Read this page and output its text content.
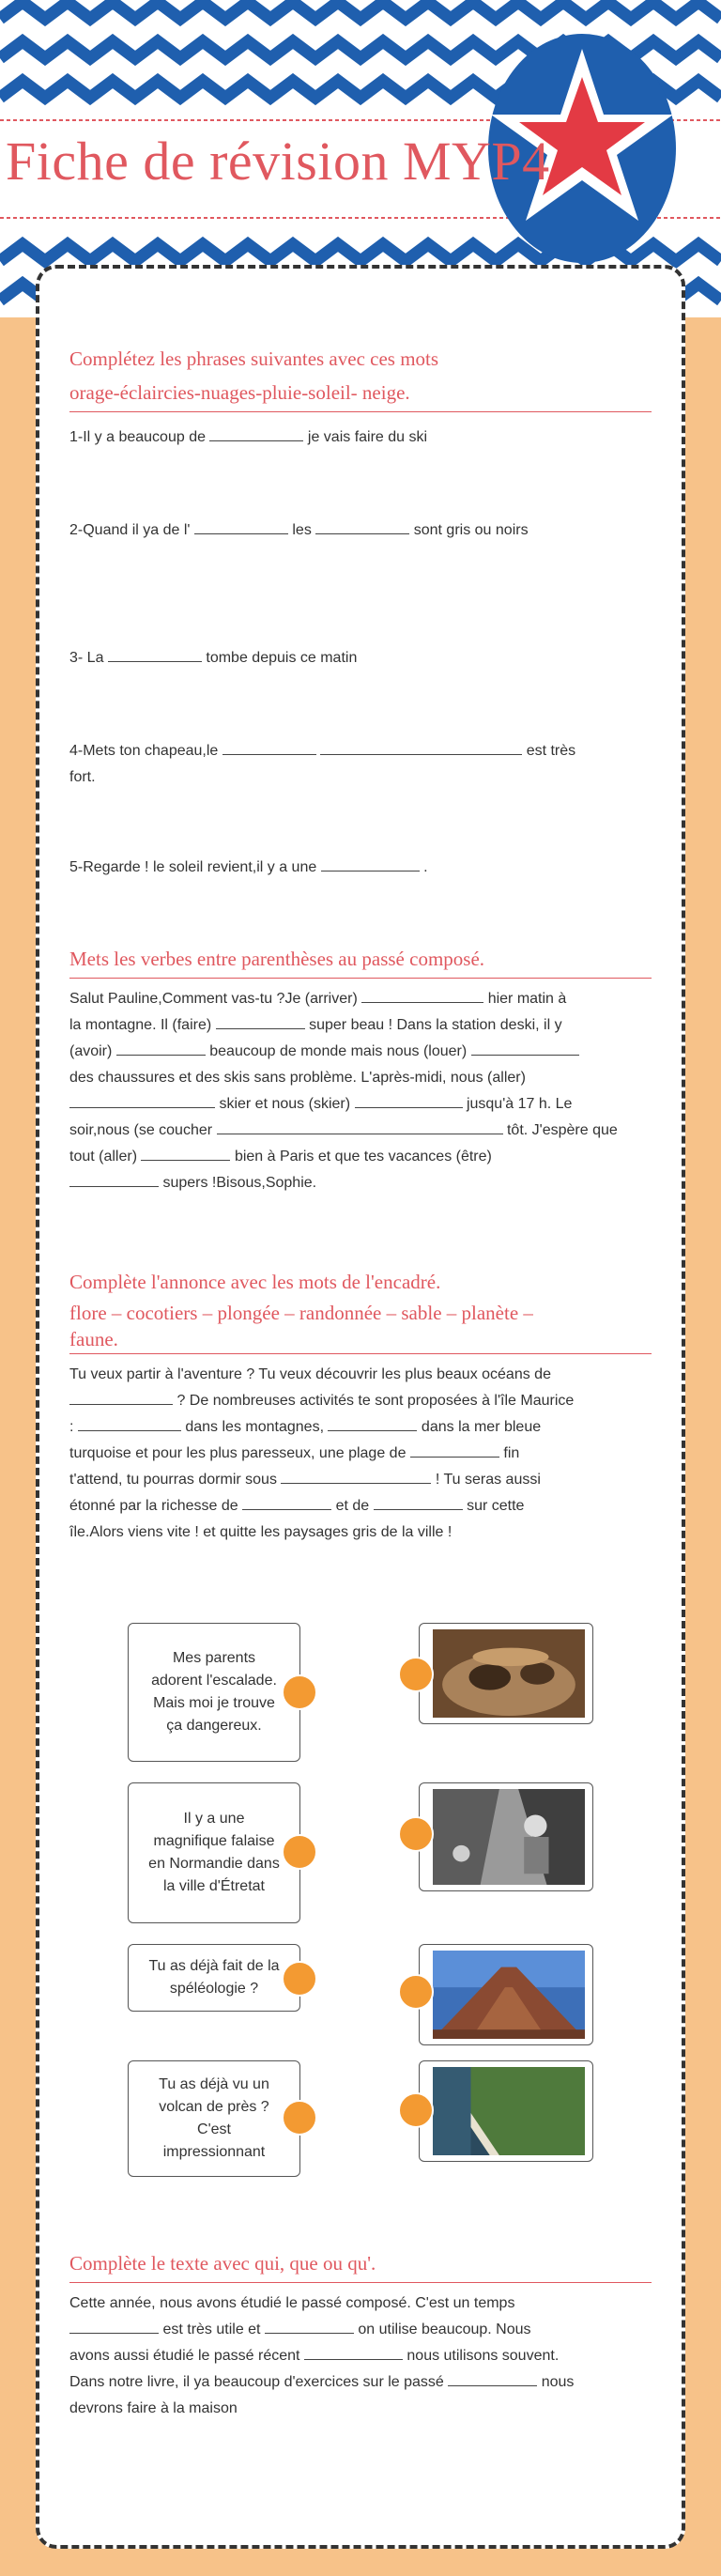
Fiche de révision MYP4
Complétez les phrases suivantes avec ces mots
orage-éclaircies-nuages-pluie-soleil- neige.
1-Il y a beaucoup de	je vais faire du ski
2-Quand il ya de l'	les	sont gris ou noirs
3- La	tombe depuis ce matin
4-Mets ton chapeau,le	est très
fort.
5-Regarde ! le soleil revient,il y a une	.
Mets les verbes entre parenthèses au passé composé.
Salut Pauline,Comment vas-tu ?Je (arriver)	hier matin à
la montagne. Il (faire)	super beau ! Dans la station deski, il y
(avoir)	beaucoup de monde mais nous (louer)
des chaussures et des skis sans problème. L'après-midi, nous (aller)
skier et nous (skier)	jusqu'à 17 h. Le
soir,nous (se coucher	tôt. J'espère que
tout (aller)	bien à Paris et que tes vacances (être)
supers !Bisous,Sophie.
Complète l'annonce avec les mots de l'encadré.
flore – cocotiers – plongée – randonnée – sable – planète –
faune.
Tu veux partir à l'aventure ? Tu veux découvrir les plus beaux océans de
? De nombreuses activités te sont proposées à l'île Maurice
:	dans les montagnes,	dans la mer bleue
turquoise et pour les plus paresseux, une plage de	fin
t'attend, tu pourras dormir sous	! Tu seras aussi
étonné par la richesse de	et de	sur cette
île.Alors viens vite ! et quitte les paysages gris de la ville !
Mes parents adorent l'escalade. Mais moi je trouve ça dangereux.
Il y a une magnifique falaise en Normandie dans la ville d'Étretat
Tu as déjà fait de la spéléologie ?
Tu as déjà vu un volcan de près ? C'est impressionnant
Complète le texte avec qui, que ou qu'.
Cette année, nous avons étudié le passé composé. C'est un temps
est très utile et	on utilise beaucoup. Nous
avons aussi étudié le passé récent	nous utilisons souvent.
Dans notre livre, il ya beaucoup d'exercices sur le passé	nous
devrons faire à la maison
